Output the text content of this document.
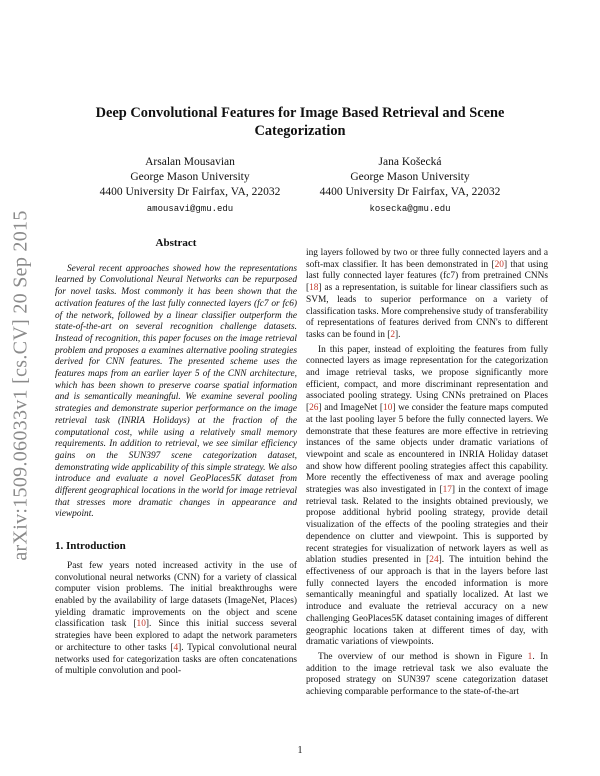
arXiv:1509.06033v1 [cs.CV] 20 Sep 2015
Deep Convolutional Features for Image Based Retrieval and Scene Categorization
Arsalan Mousavian
George Mason University
4400 University Dr Fairfax, VA, 22032
amousavi@gmu.edu
Jana Košecká
George Mason University
4400 University Dr Fairfax, VA, 22032
kosecka@gmu.edu
Abstract

Several recent approaches showed how the representations learned by Convolutional Neural Networks can be repurposed for novel tasks. Most commonly it has been shown that the activation features of the last fully connected layers (fc7 or fc6) of the network, followed by a linear classifier outperform the state-of-the-art on several recognition challenge datasets. Instead of recognition, this paper focuses on the image retrieval problem and proposes a examines alternative pooling strategies derived for CNN features. The presented scheme uses the features maps from an earlier layer 5 of the CNN architecture, which has been shown to preserve coarse spatial information and is semantically meaningful. We examine several pooling strategies and demonstrate superior performance on the image retrieval task (INRIA Holidays) at the fraction of the computational cost, while using a relatively small memory requirements. In addition to retrieval, we see similar efficiency gains on the SUN397 scene categorization dataset, demonstrating wide applicability of this simple strategy. We also introduce and evaluate a novel GeoPlaces5K dataset from different geographical locations in the world for image retrieval that stresses more dramatic changes in appearance and viewpoint.

1. Introduction

Past few years noted increased activity in the use of convolutional neural networks (CNN) for a variety of classical computer vision problems. The initial breakthroughs were enabled by the availability of large datasets (ImageNet, Places) yielding dramatic improvements on the object and scene classification task [10]. Since this initial success several strategies have been explored to adapt the network parameters or architecture to other tasks [4]. Typical convolutional neural networks used for categorization tasks are often concatenations of multiple convolution and pool-

ing layers followed by two or three fully connected layers and a soft-max classifier. It has been demonstrated in [20] that using last fully connected layer features (fc7) from pretrained CNNs [18] as a representation, is suitable for linear classifiers such as SVM, leads to superior performance on a variety of classification tasks. More comprehensive study of transferability of representations of features derived from CNN's to different tasks can be found in [2].

In this paper, instead of exploiting the features from fully connected layers as image representation for the categorization and image retrieval tasks, we propose significantly more efficient, compact, and more discriminant representation and associated pooling strategy. Using CNNs pretrained on Places [26] and ImageNet [10] we consider the feature maps computed at the last pooling layer 5 before the fully connected layers. We demonstrate that these features are more effective in retrieving instances of the same objects under dramatic variations of viewpoint and scale as encountered in INRIA Holiday dataset and show how different pooling strategies affect this capability. More recently the effectiveness of max and average pooling strategies was also investigated in [17] in the context of image retrieval task. Related to the insights obtained previously, we propose additional hybrid pooling strategy, provide detail visualization of the effects of the pooling strategies and their dependence on clutter and viewpoint. This is supported by recent strategies for visualization of network layers as well as ablation studies presented in [24]. The intuition behind the effectiveness of our approach is that in the layers before last fully connected layers the encoded information is more semantically meaningful and spatially localized. At last we introduce and evaluate the retrieval accuracy on a new challenging GeoPlaces5K dataset containing images of different geographic locations taken at different times of day, with dramatic variations of viewpoints.

The overview of our method is shown in Figure 1. In addition to the image retrieval task we also evaluate the proposed strategy on SUN397 scene categorization dataset achieving comparable performance to the state-of-the-art

1
